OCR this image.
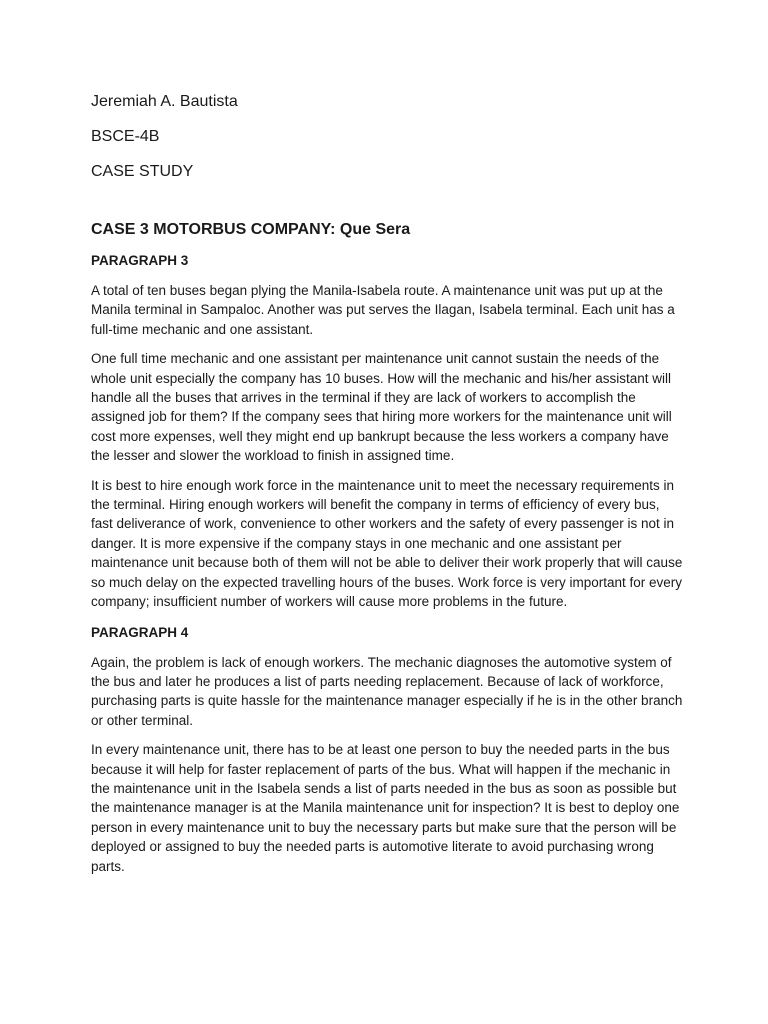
Jeremiah A. Bautista

BSCE-4B

CASE STUDY

CASE 3 MOTORBUS COMPANY: Que Sera

PARAGRAPH 3

A total of ten buses began plying the Manila-Isabela route. A maintenance unit was put up at the Manila terminal in Sampaloc. Another was put serves the Ilagan, Isabela terminal. Each unit has a full-time mechanic and one assistant.

One full time mechanic and one assistant per maintenance unit cannot sustain the needs of the whole unit especially the company has 10 buses. How will the mechanic and his/her assistant will handle all the buses that arrives in the terminal if they are lack of workers to accomplish the assigned job for them? If the company sees that hiring more workers for the maintenance unit will cost more expenses, well they might end up bankrupt because the less workers a company have the lesser and slower the workload to finish in assigned time.

It is best to hire enough work force in the maintenance unit to meet the necessary requirements in the terminal. Hiring enough workers will benefit the company in terms of efficiency of every bus, fast deliverance of work, convenience to other workers and the safety of every passenger is not in danger. It is more expensive if the company stays in one mechanic and one assistant per maintenance unit because both of them will not be able to deliver their work properly that will cause so much delay on the expected travelling hours of the buses. Work force is very important for every company; insufficient number of workers will cause more problems in the future.

PARAGRAPH 4

Again, the problem is lack of enough workers. The mechanic diagnoses the automotive system of the bus and later he produces a list of parts needing replacement. Because of lack of workforce, purchasing parts is quite hassle for the maintenance manager especially if he is in the other branch or other terminal.

In every maintenance unit, there has to be at least one person to buy the needed parts in the bus because it will help for faster replacement of parts of the bus. What will happen if the mechanic in the maintenance unit in the Isabela sends a list of parts needed in the bus as soon as possible but the maintenance manager is at the Manila maintenance unit for inspection? It is best to deploy one person in every maintenance unit to buy the necessary parts but make sure that the person will be deployed or assigned to buy the needed parts is automotive literate to avoid purchasing wrong parts.
